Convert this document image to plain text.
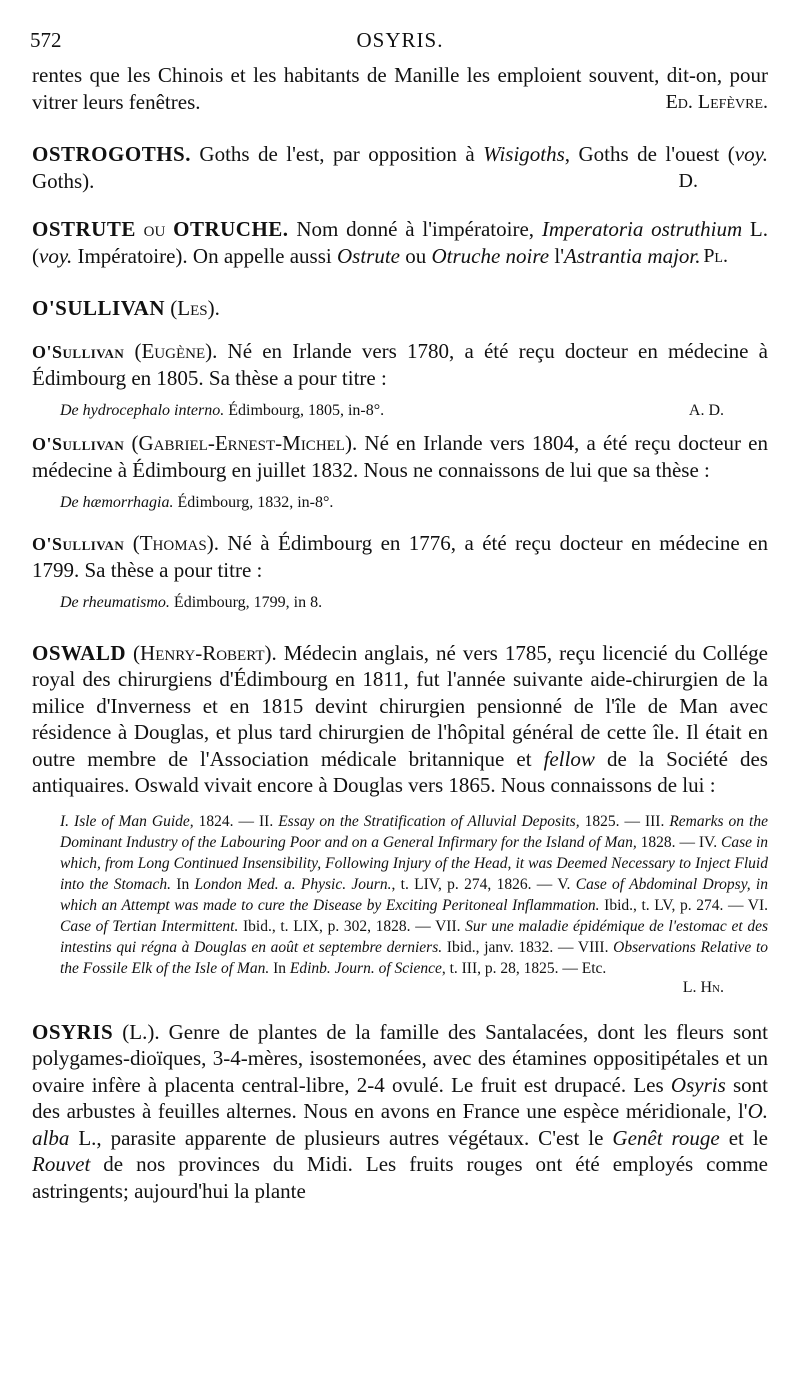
572	OSYRIS.

rentes que les Chinois et les habitants de Manille les emploient souvent, dit-on, pour vitrer leurs fenêtres.	Ed. Lefèvre.

OSTROGOTHS. Goths de l'est, par opposition à Wisigoths, Goths de l'ouest (voy. Goths).	D.

OSTRUTE ou OTRUCHE. Nom donné à l'impératoire, Imperatoria ostruthium L. (voy. Impératoire). On appelle aussi Ostrute ou Otruche noire l'Astrantia major. Pl.

O'SULLIVAN (Les).

O'Sullivan (Eugène). Né en Irlande vers 1780, a été reçu docteur en médecine à Édimbourg en 1805. Sa thèse a pour titre :

De hydrocephalo interno. Édimbourg, 1805, in-8°.	A. D.

O'Sullivan (Gabriel-Ernest-Michel). Né en Irlande vers 1804, a été reçu docteur en médecine à Édimbourg en juillet 1832. Nous ne connaissons de lui que sa thèse :

De hæmorrhagia. Édimbourg, 1832, in-8°.

O'Sullivan (Thomas). Né à Édimbourg en 1776, a été reçu docteur en médecine en 1799. Sa thèse a pour titre :

De rheumatismo. Édimbourg, 1799, in 8.

OSWALD (Henry-Robert). Médecin anglais, né vers 1785, reçu licencié du Collége royal des chirurgiens d'Édimbourg en 1811, fut l'année suivante aide-chirurgien de la milice d'Inverness et en 1815 devint chirurgien pensionné de l'île de Man avec résidence à Douglas, et plus tard chirurgien de l'hôpital général de cette île. Il était en outre membre de l'Association médicale britannique et fellow de la Société des antiquaires. Oswald vivait encore à Douglas vers 1865. Nous connaissons de lui :

I. Isle of Man Guide, 1824. — II. Essay on the Stratification of Alluvial Deposits, 1825. — III. Remarks on the Dominant Industry of the Labouring Poor and on a General Infirmary for the Island of Man, 1828. — IV. Case in which, from Long Continued Insensibility, Following Injury of the Head, it was Deemed Necessary to Inject Fluid into the Stomach. In London Med. a. Physic. Journ., t. LIV, p. 274, 1826. — V. Case of Abdominal Dropsy, in which an Attempt was made to cure the Disease by Exciting Peritoneal Inflammation. Ibid., t. LV, p. 274. — VI. Case of Tertian Intermittent. Ibid., t. LIX, p. 302, 1828. — VII. Sur une maladie épidémique de l'estomac et des intestins qui régna à Douglas en août et septembre derniers. Ibid., janv. 1832. — VIII. Observations Relative to the Fossile Elk of the Isle of Man. In Edinb. Journ. of Science, t. III, p. 28, 1825. — Etc.

L. Hn.

OSYRIS (L.). Genre de plantes de la famille des Santalacées, dont les fleurs sont polygames-dioïques, 3-4-mères, isostemonées, avec des étamines oppositipétales et un ovaire infère à placenta central-libre, 2-4 ovulé. Le fruit est drupacé. Les Osyris sont des arbustes à feuilles alternes. Nous en avons en France une espèce méridionale, l'O. alba L., parasite apparente de plusieurs autres végétaux. C'est le Genêt rouge et le Rouvet de nos provinces du Midi. Les fruits rouges ont été employés comme astringents; aujourd'hui la plante
